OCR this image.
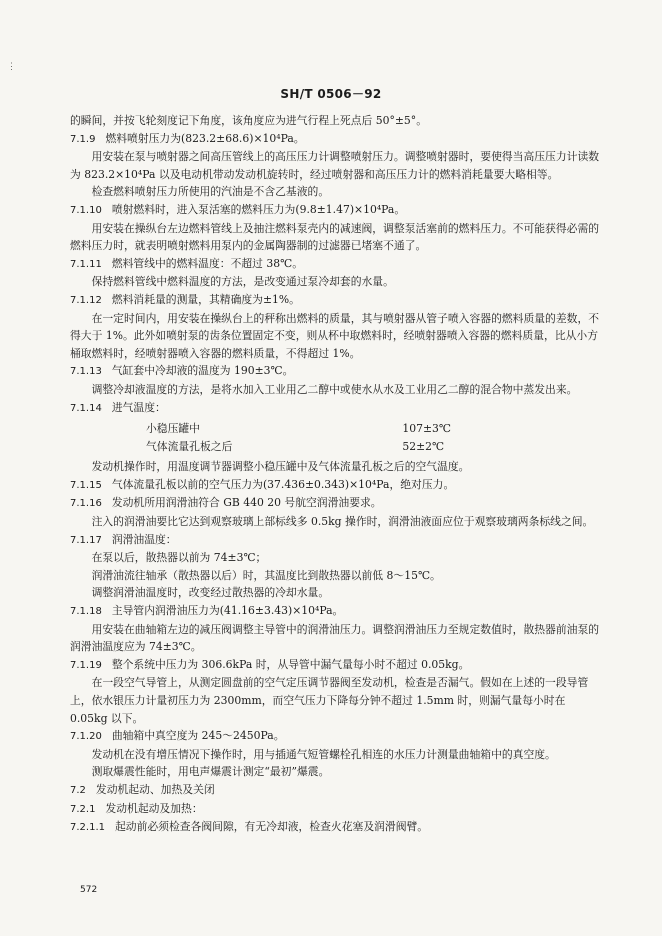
⋮
SH/T 0506－92

的瞬间，并按飞轮刻度记下角度，该角度应为进气行程上死点后 50°±5°。

7.1.9 燃料喷射压力为(823.2±68.6)×10⁴Pa。

用安装在泵与喷射器之间高压管线上的高压压力计调整喷射压力。调整喷射器时，要使得当高压压力计读数为 823.2×10⁴Pa 以及电动机带动发动机旋转时，经过喷射器和高压压力计的燃料消耗量要大略相等。

检查燃料喷射压力所使用的汽油是不含乙基液的。

7.1.10 喷射燃料时，进入泵活塞的燃料压力为(9.8±1.47)×10⁴Pa。

用安装在操纵台左边燃料管线上及抽注燃料泵壳内的减速阀，调整泵活塞前的燃料压力。不可能获得必需的燃料压力时，就表明喷射燃料用泵内的金属陶器制的过滤器已堵塞不通了。

7.1.11 燃料管线中的燃料温度：不超过 38℃。

保持燃料管线中燃料温度的方法，是改变通过泵冷却套的水量。

7.1.12 燃料消耗量的测量，其精确度为±1%。

在一定时间内，用安装在操纵台上的秤称出燃料的质量，其与喷射器从管子喷入容器的燃料质量的差数，不得大于 1%。此外如喷射泵的齿条位置固定不变，则从杯中取燃料时，经喷射器喷入容器的燃料质量，比从小方桶取燃料时，经喷射器喷入容器的燃料质量，不得超过 1%。

7.1.13 气缸套中冷却液的温度为 190±3℃。

调整冷却液温度的方法，是将水加入工业用乙二醇中或使水从水及工业用乙二醇的混合物中蒸发出来。

7.1.14 进气温度：

小稳压罐中	107±3℃
气体流量孔板之后	52±2℃

发动机操作时，用温度调节器调整小稳压罐中及气体流量孔板之后的空气温度。

7.1.15 气体流量孔板以前的空气压力为(37.436±0.343)×10⁴Pa，绝对压力。

7.1.16 发动机所用润滑油符合 GB 440 20 号航空润滑油要求。

注入的润滑油要比它达到观察玻璃上部标线多 0.5kg 操作时，润滑油液面应位于观察玻璃两条标线之间。

7.1.17 润滑油温度：

在泵以后，散热器以前为 74±3℃；

润滑油流往轴承（散热器以后）时，其温度比到散热器以前低 8～15℃。

调整润滑油温度时，改变经过散热器的冷却水量。

7.1.18 主导管内润滑油压力为(41.16±3.43)×10⁴Pa。

用安装在曲轴箱左边的减压阀调整主导管中的润滑油压力。调整润滑油压力至规定数值时，散热器前油泵的润滑油温度应为 74±3℃。

7.1.19 整个系统中压力为 306.6kPa 时，从导管中漏气量每小时不超过 0.05kg。

在一段空气导管上，从测定圆盘前的空气定压调节器阀至发动机，检查是否漏气。假如在上述的一段导管上，依水银压力计量初压力为 2300mm，而空气压力下降每分钟不超过 1.5mm 时，则漏气量每小时在 0.05kg 以下。

7.1.20 曲轴箱中真空度为 245～2450Pa。

发动机在没有增压情况下操作时，用与插通气短管螺栓孔相连的水压力计测量曲轴箱中的真空度。

测取爆震性能时，用电声爆震计测定“最初”爆震。

7.2 发动机起动、加热及关闭

7.2.1 发动机起动及加热：

7.2.1.1 起动前必须检查各阀间隙，有无冷却液，检查火花塞及润滑阀臂。

572
